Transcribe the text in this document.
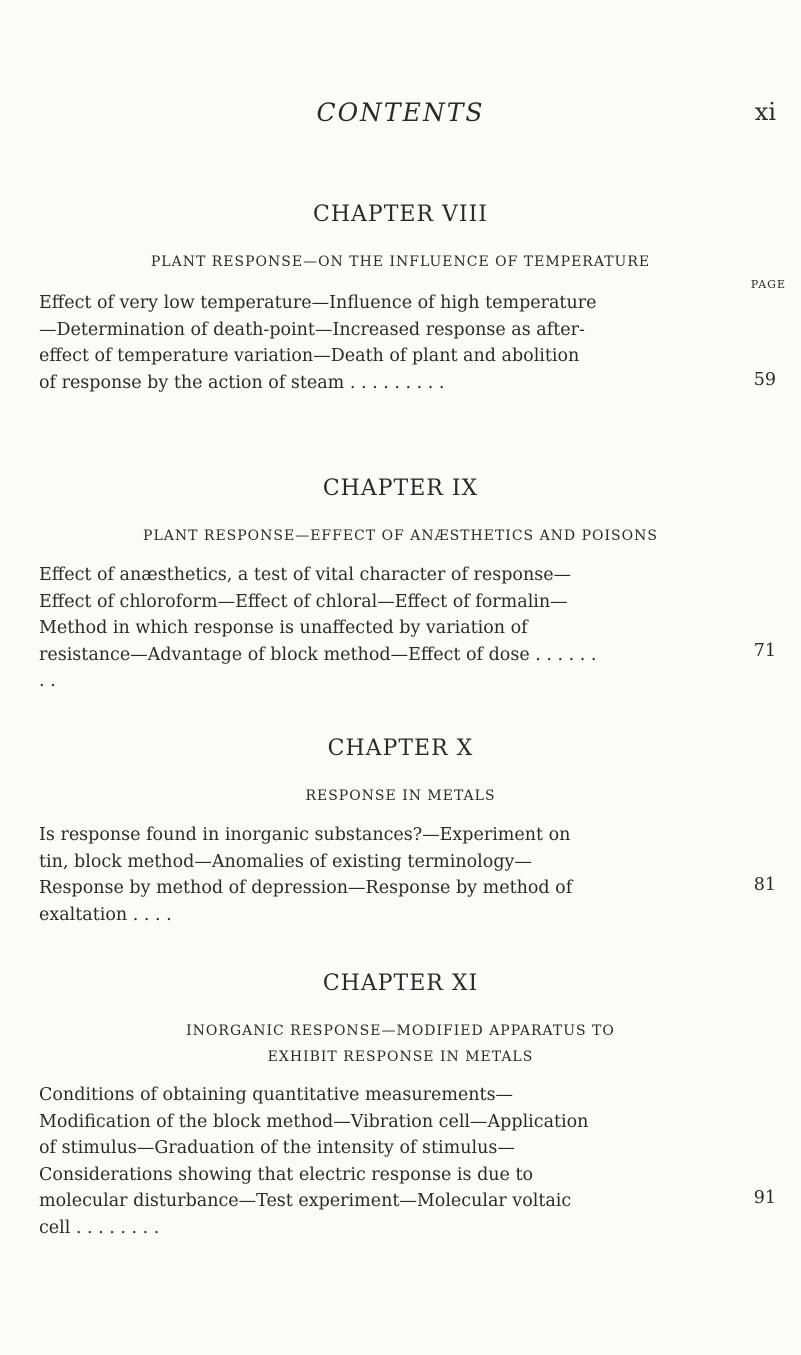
CONTENTS	xi
CHAPTER VIII
PLANT RESPONSE—ON THE INFLUENCE OF TEMPERATURE
PAGE
Effect of very low temperature—Influence of high temperature—Determination of death-point—Increased response as after-effect of temperature variation—Death of plant and abolition of response by the action of steam . . . . . . . . .	59
CHAPTER IX
PLANT RESPONSE—EFFECT OF ANÆSTHETICS AND POISONS
Effect of anæsthetics, a test of vital character of response—Effect of chloroform—Effect of chloral—Effect of formalin—Method in which response is unaffected by variation of resistance—Advantage of block method—Effect of dose . . . . . . . .
71
CHAPTER X
RESPONSE IN METALS
Is response found in inorganic substances?—Experiment on tin, block method—Anomalies of existing terminology—Response by method of depression—Response by method of exaltation . . . .
81
CHAPTER XI
INORGANIC RESPONSE—MODIFIED APPARATUS TO EXHIBIT RESPONSE IN METALS
Conditions of obtaining quantitative measurements—Modification of the block method—Vibration cell—Application of stimulus—Graduation of the intensity of stimulus—Considerations showing that electric response is due to molecular disturbance—Test experiment—Molecular voltaic cell . . . . . . . .
91
